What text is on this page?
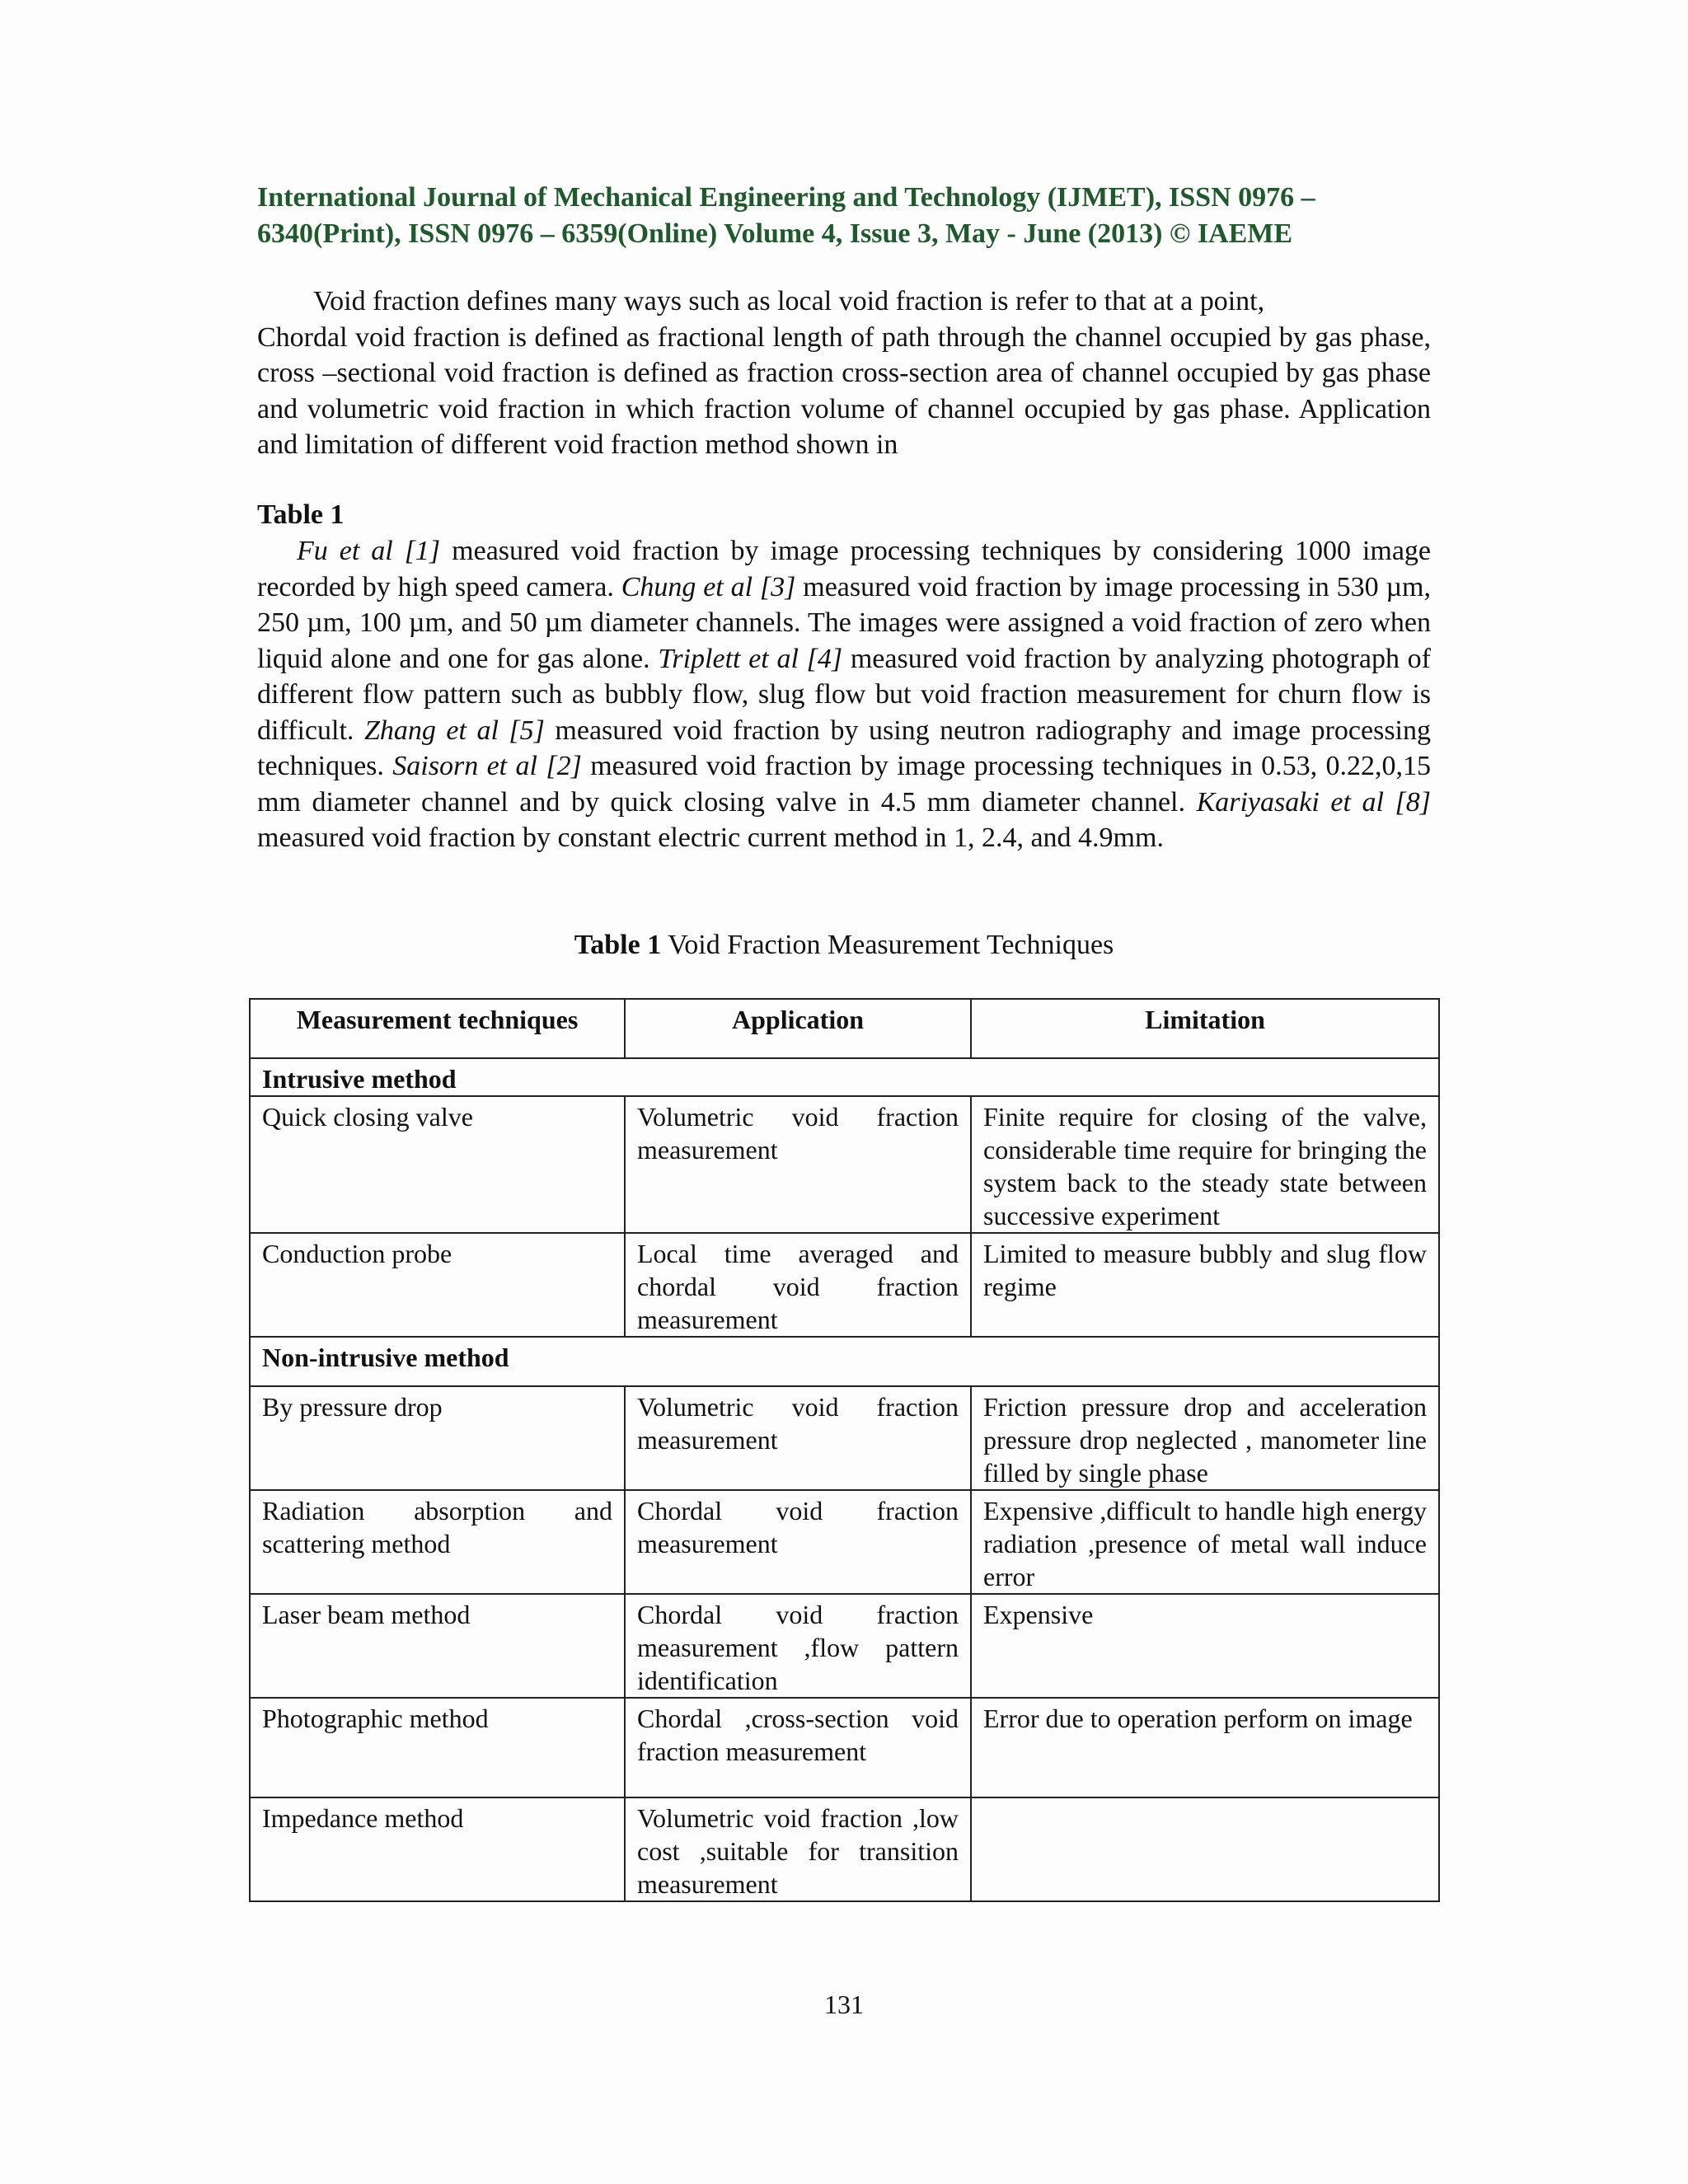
International Journal of Mechanical Engineering and Technology (IJMET), ISSN 0976 –
6340(Print), ISSN 0976 – 6359(Online) Volume 4, Issue 3, May - June (2013) © IAEME
Void fraction defines many ways such as local void fraction is refer to that at a point,
Chordal void fraction is defined as fractional length of path through the channel occupied by gas phase, cross –sectional void fraction is defined as fraction cross-section area of channel occupied by gas phase and volumetric void fraction in which fraction volume of channel occupied by gas phase. Application and limitation of different void fraction method shown in
Table 1
Fu et al [1] measured void fraction by image processing techniques by considering 1000 image recorded by high speed camera. Chung et al [3] measured void fraction by image processing in 530 µm, 250 µm, 100 µm, and 50 µm diameter channels. The images were assigned a void fraction of zero when liquid alone and one for gas alone. Triplett et al [4] measured void fraction by analyzing photograph of different flow pattern such as bubbly flow, slug flow but void fraction measurement for churn flow is difficult. Zhang et al [5] measured void fraction by using neutron radiography and image processing techniques. Saisorn et al [2] measured void fraction by image processing techniques in 0.53, 0.22,0,15 mm diameter channel and by quick closing valve in 4.5 mm diameter channel. Kariyasaki et al [8] measured void fraction by constant electric current method in 1, 2.4, and 4.9mm.
Table 1 Void Fraction Measurement Techniques
Measurement techniques	Application	Limitation
Intrusive method		
Quick closing valve	Volumetric void fraction measurement	Finite require for closing of the valve, considerable time require for bringing the system back to the steady state between successive experiment
Conduction probe	Local time averaged and chordal void fraction measurement	Limited to measure bubbly and slug flow regime
Non-intrusive method		
By pressure drop	Volumetric void fraction measurement	Friction pressure drop and acceleration pressure drop neglected , manometer line filled by single phase
Radiation absorption and scattering method	Chordal void fraction measurement	Expensive ,difficult to handle high energy radiation ,presence of metal wall induce error
Laser beam method	Chordal void fraction measurement ,flow pattern identification	Expensive
Photographic method	Chordal ,cross-section void fraction measurement	Error due to operation perform on image
Impedance method	Volumetric void fraction ,low cost ,suitable for transition measurement	
131
